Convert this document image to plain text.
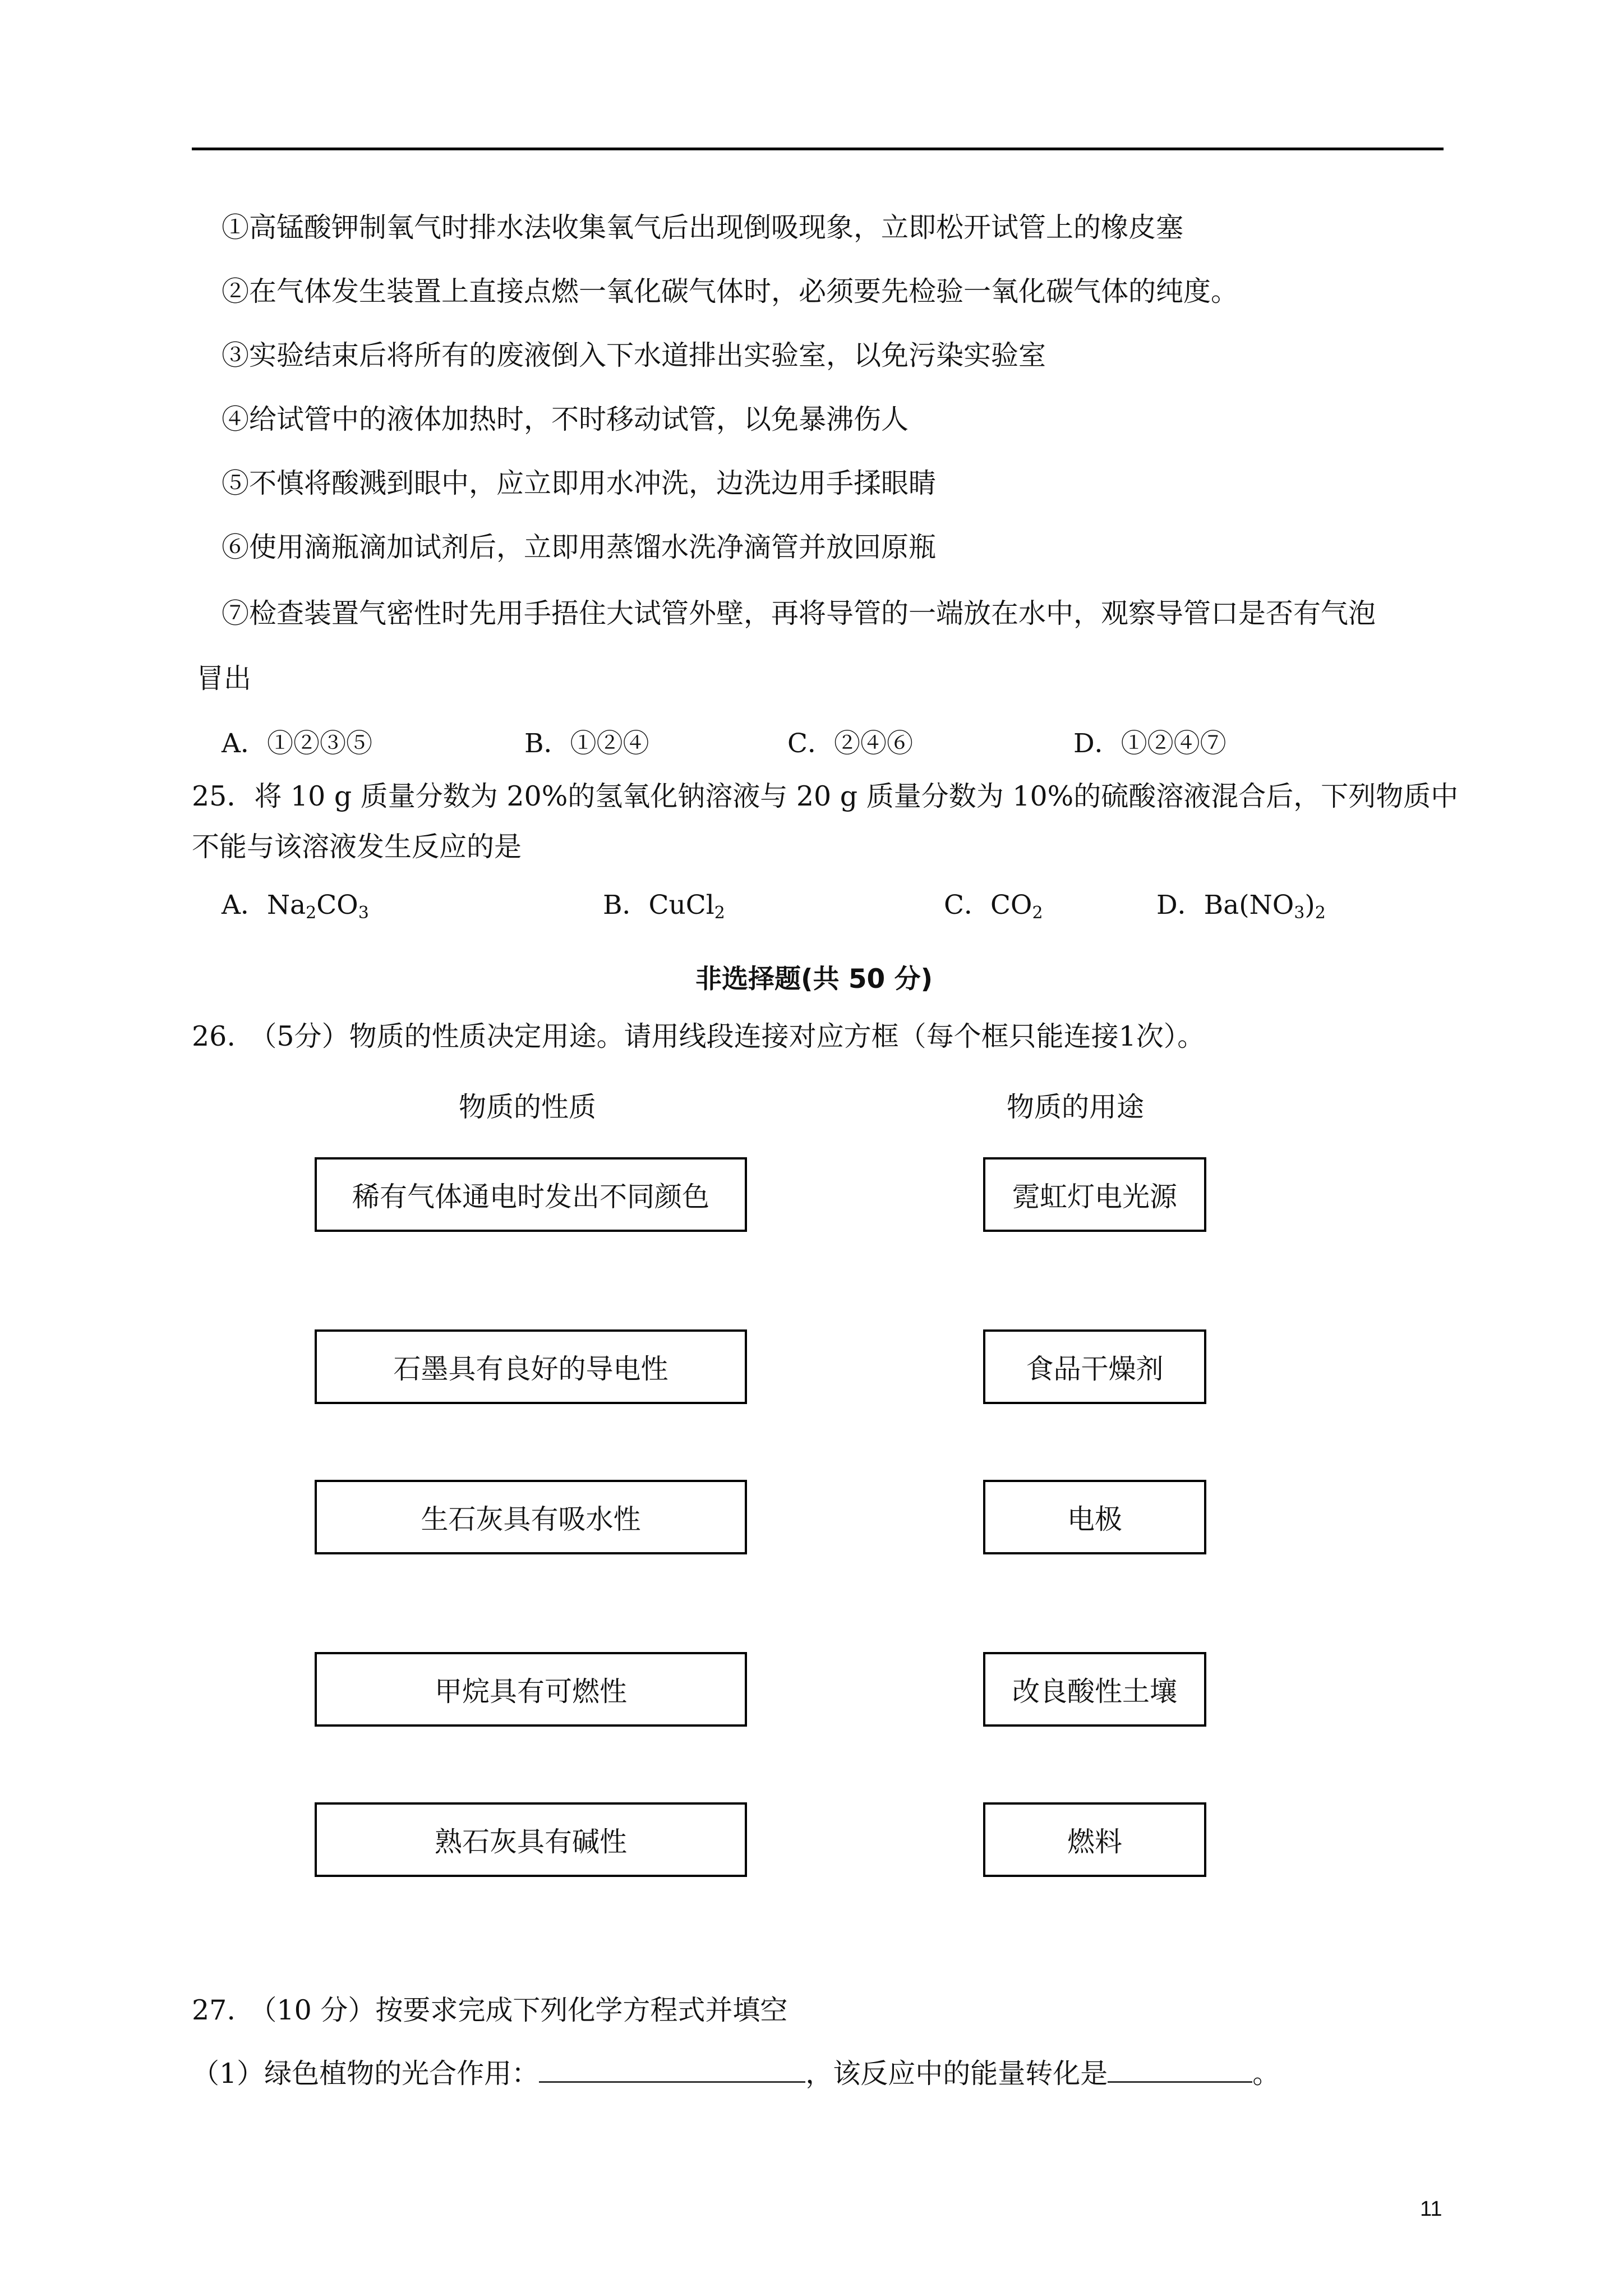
①高锰酸钾制氧气时排水法收集氧气后出现倒吸现象，立即松开试管上的橡皮塞
②在气体发生装置上直接点燃一氧化碳气体时，必须要先检验一氧化碳气体的纯度。
③实验结束后将所有的废液倒入下水道排出实验室，以免污染实验室
④给试管中的液体加热时，不时移动试管，以免暴沸伤人
⑤不慎将酸溅到眼中，应立即用水冲洗，边洗边用手揉眼睛
⑥使用滴瓶滴加试剂后，立即用蒸馏水洗净滴管并放回原瓶
⑦检查装置气密性时先用手捂住大试管外壁，再将导管的一端放在水中，观察导管口是否有气泡
冒出
A．①②③⑤	B．①②④	C．②④⑥	D．①②④⑦
25．将 10 g 质量分数为 20%的氢氧化钠溶液与 20 g 质量分数为 10%的硫酸溶液混合后，下列物质中
不能与该溶液发生反应的是
A．$Na_2CO_3$	B．CuCl$_2$	C．$CO_2$	D．$Ba(NO_3)_2$
非选择题(共 50 分)
26.　（5分）物质的性质决定用途。请用线段连接对应方框（每个框只能连接1次）。
物质的性质	物质的用途
稀有气体通电时发出不同颜色
石墨具有良好的导电性
生石灰具有吸水性
甲烷具有可燃性
熟石灰具有碱性
霓虹灯电光源
食品干燥剂
电极
改良酸性土壤
燃料
27.　（10 分）按要求完成下列化学方程式并填空
（1）绿色植物的光合作用：	，该反应中的能量转化是	。
11
